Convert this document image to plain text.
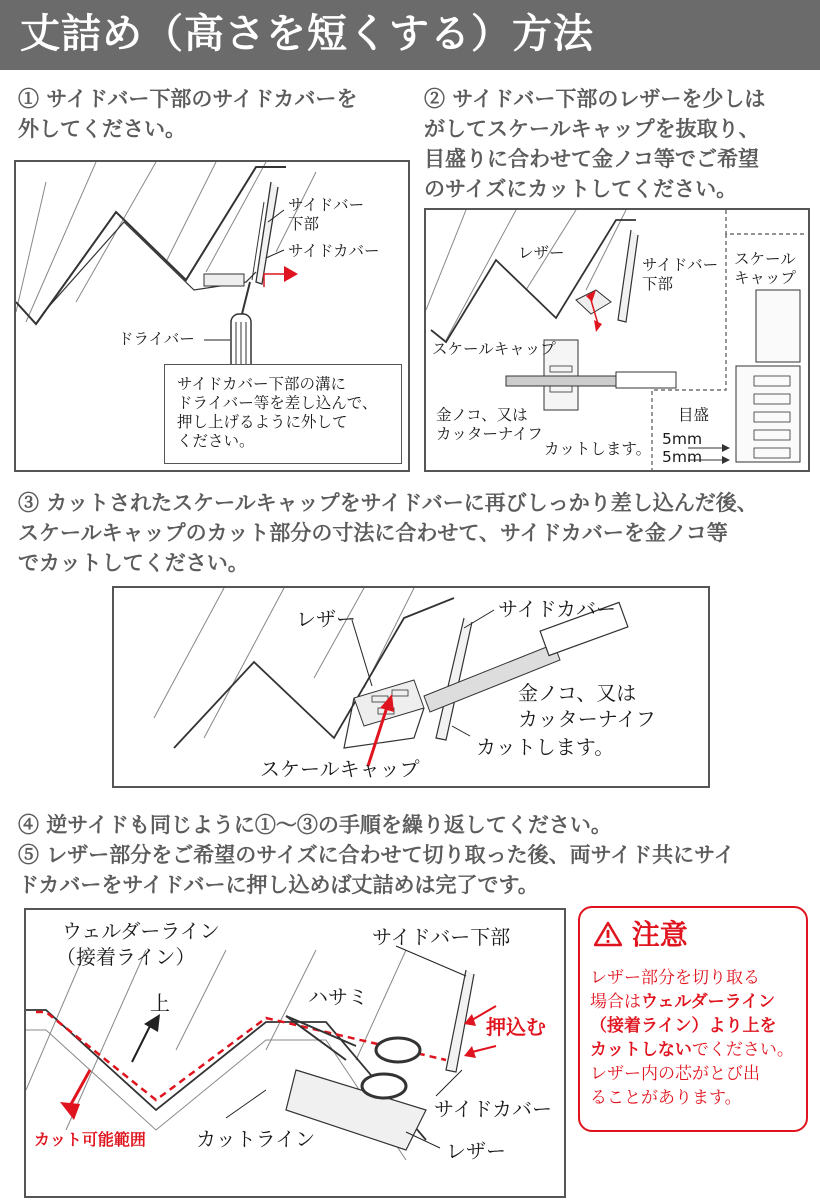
丈詰め（高さを短くする）方法
① サイドバー下部のサイドカバーを
外してください。
② サイドバー下部のレザーを少しは
がしてスケールキャップを抜取り、
目盛りに合わせて金ノコ等でご希望
のサイズにカットしてください。
サイドバー
下部
サイドカバー
ドライバー
サイドカバー下部の溝に
ドライバー等を差し込んで、
押し上げるように外して
ください。
レザー
サイドバー
下部
スケール
キャップ
スケールキャップ
金ノコ、又は
カッターナイフ
カットします。
目盛
5mm
5mm
③ カットされたスケールキャップをサイドバーに再びしっかり差し込んだ後、
スケールキャップのカット部分の寸法に合わせて、サイドカバーを金ノコ等
でカットしてください。
レザー	サイドカバー
金ノコ、又は
カッターナイフ
カットします。
スケールキャップ
④ 逆サイドも同じように①～③の手順を繰り返してください。
⑤ レザー部分をご希望のサイズに合わせて切り取った後、両サイド共にサイ
ドカバーをサイドバーに押し込めば丈詰めは完了です。
ウェルダーライン
（接着ライン）
上	ハサミ
サイドバー下部
押込む
カット可能範囲	カットライン
サイドカバー
レザー
注意
レザー部分を切り取る
場合はウェルダーライン
（接着ライン）より上を
カットしないでください。
レザー内の芯がとび出
ることがあります。
